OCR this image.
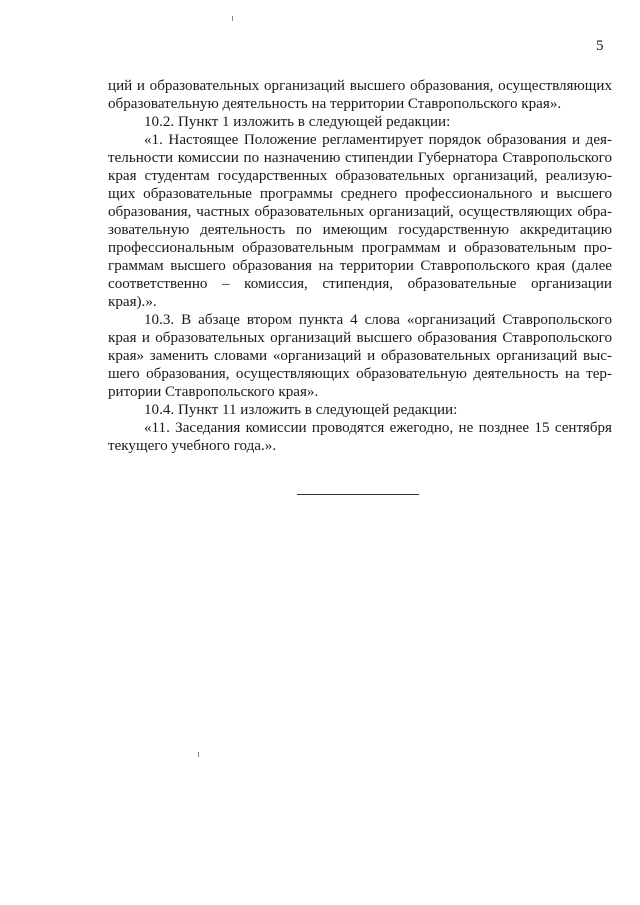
5
ций и образовательных организаций высшего образования, осуществляющих
образовательную деятельность на территории Ставропольского края».
10.2. Пункт 1 изложить в следующей редакции:
«1. Настоящее Положение регламентирует порядок образования и дея-
тельности комиссии по назначению стипендии Губернатора Ставропольского
края студентам государственных образовательных организаций, реализую-
щих образовательные программы среднего профессионального и высшего
образования, частных образовательных организаций, осуществляющих обра-
зовательную деятельность по имеющим государственную аккредитацию
профессиональным образовательным программам и образовательным про-
граммам высшего образования на территории Ставропольского края (далее
соответственно – комиссия, стипендия, образовательные организации
края).».
10.3. В абзаце втором пункта 4 слова «организаций Ставропольского
края и образовательных организаций высшего образования Ставропольского
края» заменить словами «организаций и образовательных организаций выс-
шего образования, осуществляющих образовательную деятельность на тер-
ритории Ставропольского края».
10.4. Пункт 11 изложить в следующей редакции:
«11. Заседания комиссии проводятся ежегодно, не позднее 15 сентября
текущего учебного года.».
